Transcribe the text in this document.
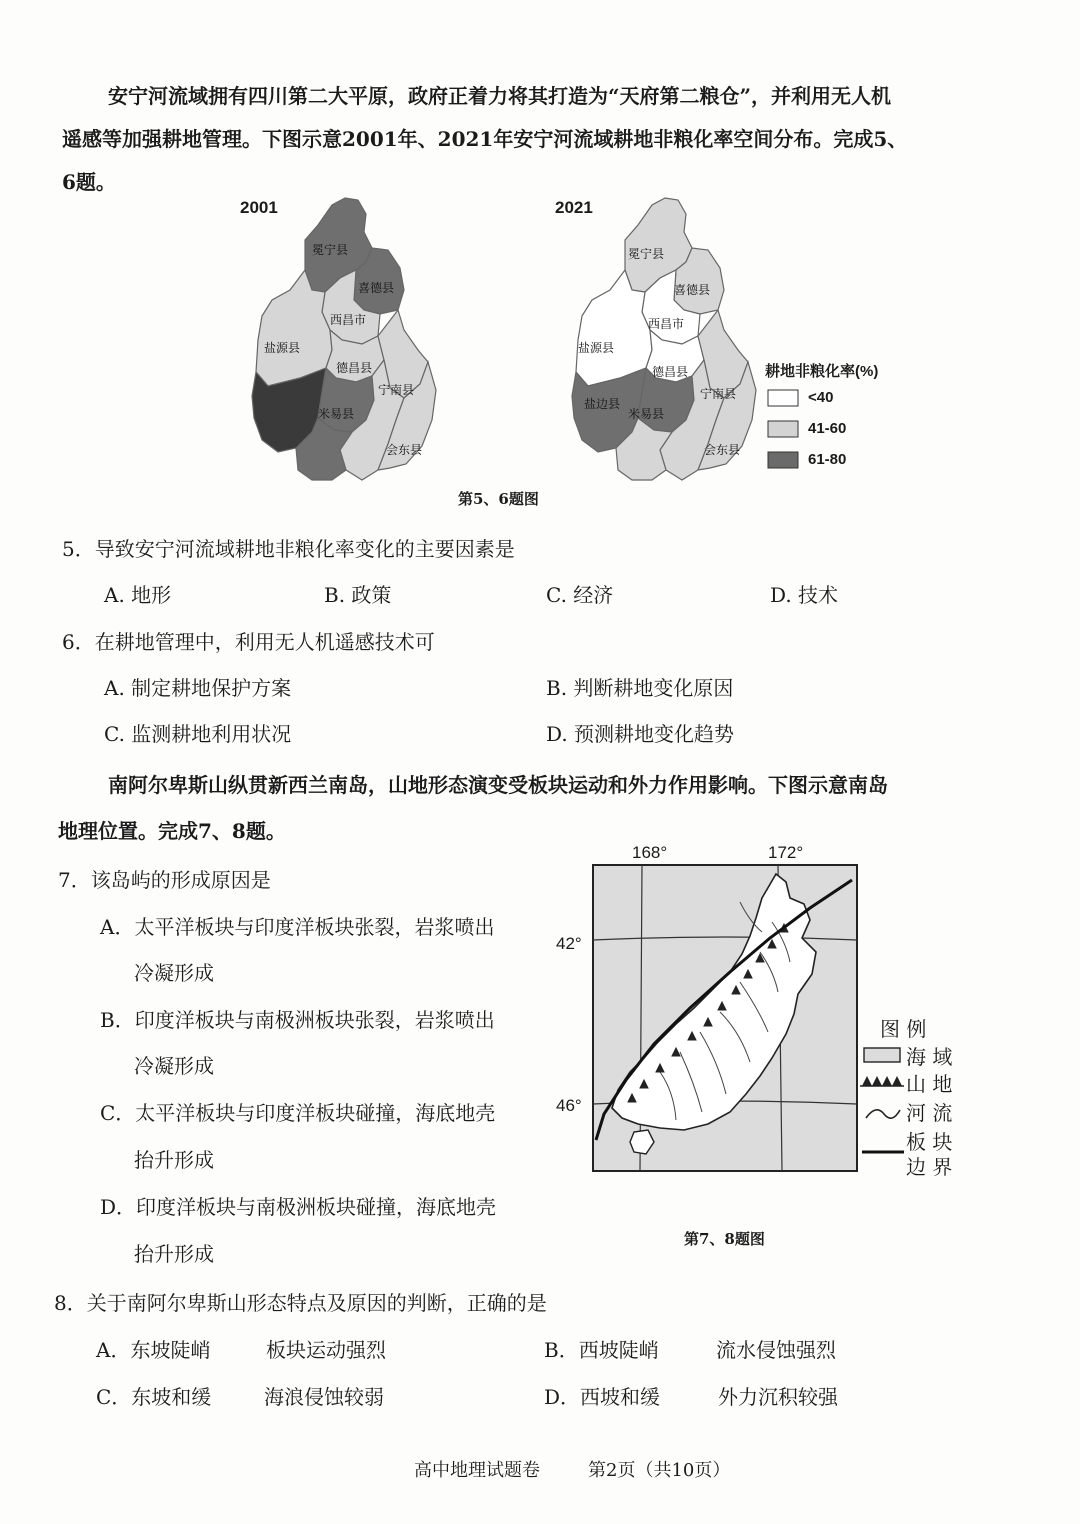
安宁河流域拥有四川第二大平原，政府正着力将其打造为“天府第二粮仓”，并利用无人机
遥感等加强耕地管理。下图示意2001年、2021年安宁河流域耕地非粮化率空间分布。完成5、
6题。
2001	2021
冕宁县
喜德县
西昌市
盐源县
德昌县
宁南县
米易县
会东县
冕宁县
喜德县
西昌市
盐源县
德昌县
盐边县
宁南县
米易县
会东县
耕地非粮化率(%)
<40
41-60
61-80
第5、6题图
5．导致安宁河流域耕地非粮化率变化的主要因素是
A. 地形	B. 政策	C. 经济	D. 技术
6．在耕地管理中，利用无人机遥感技术可
A. 制定耕地保护方案	B. 判断耕地变化原因
C. 监测耕地利用状况	D. 预测耕地变化趋势
南阿尔卑斯山纵贯新西兰南岛，山地形态演变受板块运动和外力作用影响。下图示意南岛
地理位置。完成7、8题。
7．该岛屿的形成原因是
A．太平洋板块与印度洋板块张裂，岩浆喷出
冷凝形成
B．印度洋板块与南极洲板块张裂，岩浆喷出
冷凝形成
C．太平洋板块与印度洋板块碰撞，海底地壳
抬升形成
D．印度洋板块与南极洲板块碰撞，海底地壳
抬升形成
168°	172°
42°
46°
图 例
海 域
山 地
河 流
板 块
边 界
第7、8题图
8．关于南阿尔卑斯山形态特点及原因的判断，正确的是
A．东坡陡峭	板块运动强烈	B．西坡陡峭	流水侵蚀强烈
C．东坡和缓	海浪侵蚀较弱	D．西坡和缓	外力沉积较强
高中地理试题卷	第2页（共10页）
